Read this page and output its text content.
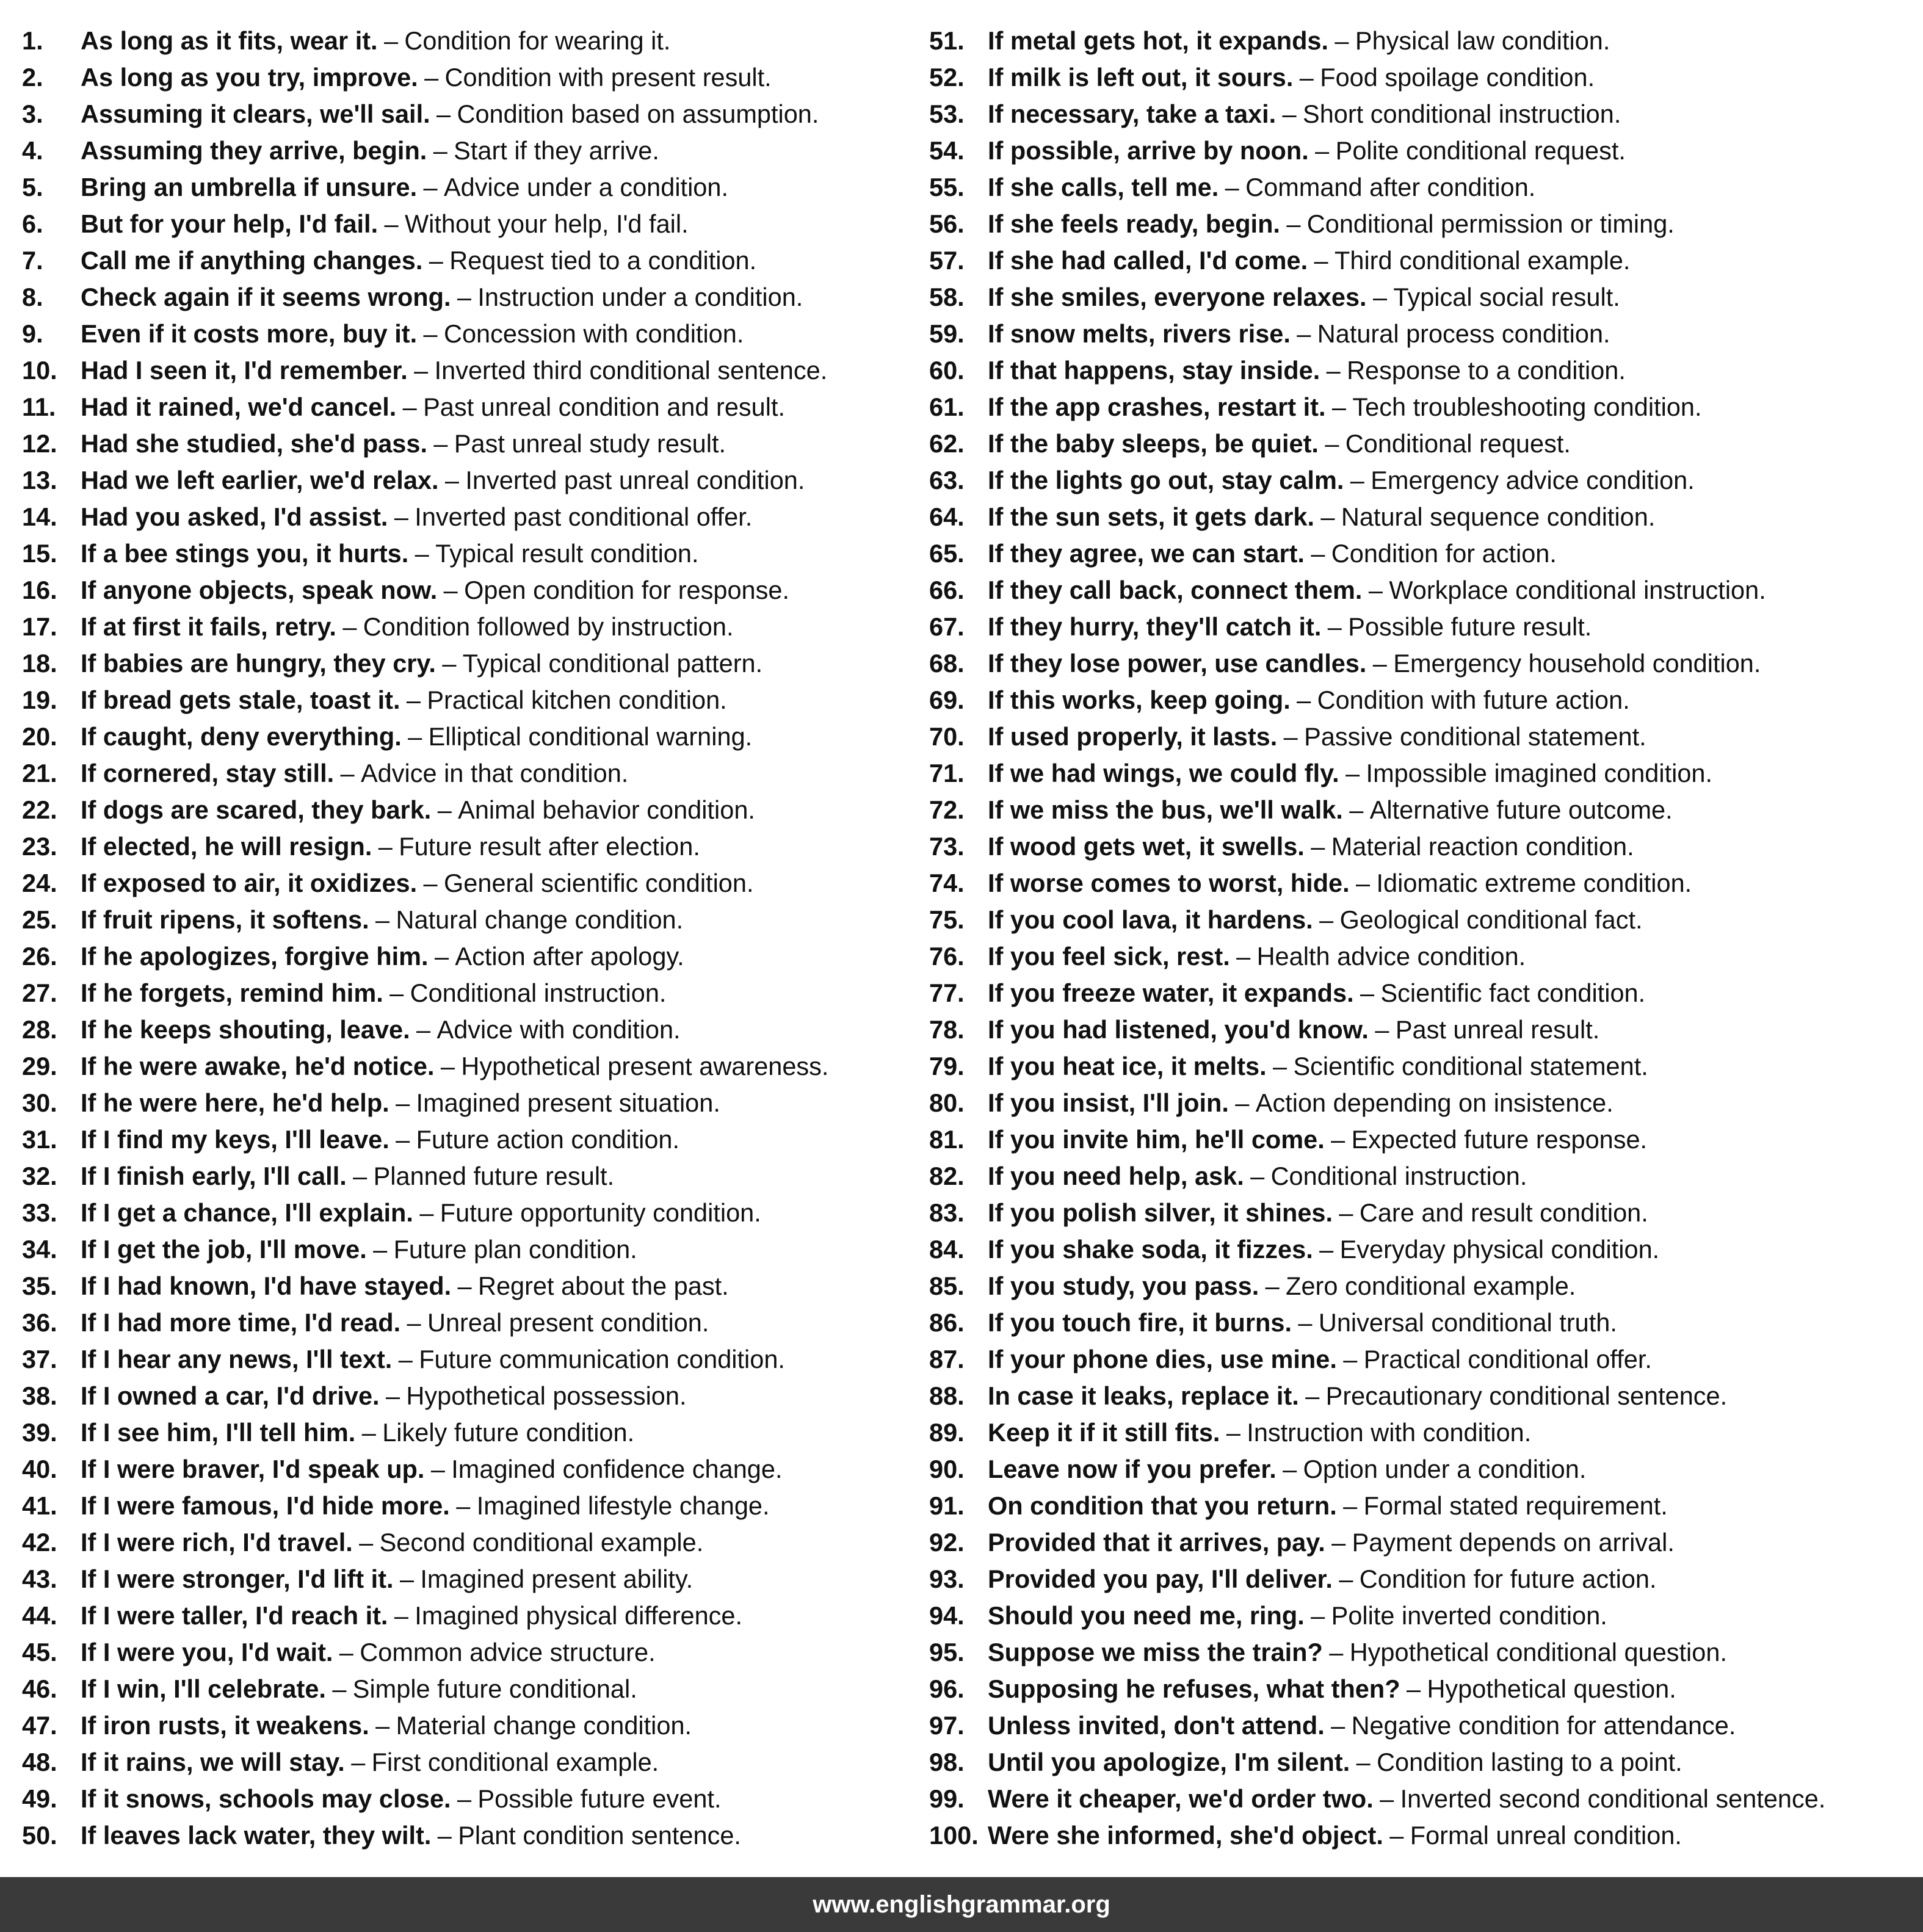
1.	As long as it fits, wear it. – Condition for wearing it.
2.	As long as you try, improve. – Condition with present result.
3.	Assuming it clears, we'll sail. – Condition based on assumption.
4.	Assuming they arrive, begin. – Start if they arrive.
5.	Bring an umbrella if unsure. – Advice under a condition.
6.	But for your help, I'd fail. – Without your help, I'd fail.
7.	Call me if anything changes. – Request tied to a condition.
8.	Check again if it seems wrong. – Instruction under a condition.
9.	Even if it costs more, buy it. – Concession with condition.
10. Had I seen it, I'd remember. – Inverted third conditional sentence.
11. Had it rained, we'd cancel. – Past unreal condition and result.
12. Had she studied, she'd pass. – Past unreal study result.
13. Had we left earlier, we'd relax. – Inverted past unreal condition.
14. Had you asked, I'd assist. – Inverted past conditional offer.
15. If a bee stings you, it hurts. – Typical result condition.
16. If anyone objects, speak now. – Open condition for response.
17. If at first it fails, retry. – Condition followed by instruction.
18. If babies are hungry, they cry. – Typical conditional pattern.
19. If bread gets stale, toast it. – Practical kitchen condition.
20. If caught, deny everything. – Elliptical conditional warning.
21. If cornered, stay still. – Advice in that condition.
22. If dogs are scared, they bark. – Animal behavior condition.
23. If elected, he will resign. – Future result after election.
24. If exposed to air, it oxidizes. – General scientific condition.
25. If fruit ripens, it softens. – Natural change condition.
26. If he apologizes, forgive him. – Action after apology.
27. If he forgets, remind him. – Conditional instruction.
28. If he keeps shouting, leave. – Advice with condition.
29. If he were awake, he'd notice. – Hypothetical present awareness.
30. If he were here, he'd help. – Imagined present situation.
31. If I find my keys, I'll leave. – Future action condition.
32. If I finish early, I'll call. – Planned future result.
33. If I get a chance, I'll explain. – Future opportunity condition.
34. If I get the job, I'll move. – Future plan condition.
35. If I had known, I'd have stayed. – Regret about the past.
36. If I had more time, I'd read. – Unreal present condition.
37. If I hear any news, I'll text. – Future communication condition.
38. If I owned a car, I'd drive. – Hypothetical possession.
39. If I see him, I'll tell him. – Likely future condition.
40. If I were braver, I'd speak up. – Imagined confidence change.
41. If I were famous, I'd hide more. – Imagined lifestyle change.
42. If I were rich, I'd travel. – Second conditional example.
43. If I were stronger, I'd lift it. – Imagined present ability.
44. If I were taller, I'd reach it. – Imagined physical difference.
45. If I were you, I'd wait. – Common advice structure.
46. If I win, I'll celebrate. – Simple future conditional.
47. If iron rusts, it weakens. – Material change condition.
48. If it rains, we will stay. – First conditional example.
49. If it snows, schools may close. – Possible future event.
50. If leaves lack water, they wilt. – Plant condition sentence.
51. If metal gets hot, it expands. – Physical law condition.
52. If milk is left out, it sours. – Food spoilage condition.
53. If necessary, take a taxi. – Short conditional instruction.
54. If possible, arrive by noon. – Polite conditional request.
55. If she calls, tell me. – Command after condition.
56. If she feels ready, begin. – Conditional permission or timing.
57. If she had called, I'd come. – Third conditional example.
58. If she smiles, everyone relaxes. – Typical social result.
59. If snow melts, rivers rise. – Natural process condition.
60. If that happens, stay inside. – Response to a condition.
61. If the app crashes, restart it. – Tech troubleshooting condition.
62. If the baby sleeps, be quiet. – Conditional request.
63. If the lights go out, stay calm. – Emergency advice condition.
64. If the sun sets, it gets dark. – Natural sequence condition.
65. If they agree, we can start. – Condition for action.
66. If they call back, connect them. – Workplace conditional instruction.
67. If they hurry, they'll catch it. – Possible future result.
68. If they lose power, use candles. – Emergency household condition.
69. If this works, keep going. – Condition with future action.
70. If used properly, it lasts. – Passive conditional statement.
71. If we had wings, we could fly. – Impossible imagined condition.
72. If we miss the bus, we'll walk. – Alternative future outcome.
73. If wood gets wet, it swells. – Material reaction condition.
74. If worse comes to worst, hide. – Idiomatic extreme condition.
75. If you cool lava, it hardens. – Geological conditional fact.
76. If you feel sick, rest. – Health advice condition.
77. If you freeze water, it expands. – Scientific fact condition.
78. If you had listened, you'd know. – Past unreal result.
79. If you heat ice, it melts. – Scientific conditional statement.
80. If you insist, I'll join. – Action depending on insistence.
81. If you invite him, he'll come. – Expected future response.
82. If you need help, ask. – Conditional instruction.
83. If you polish silver, it shines. – Care and result condition.
84. If you shake soda, it fizzes. – Everyday physical condition.
85. If you study, you pass. – Zero conditional example.
86. If you touch fire, it burns. – Universal conditional truth.
87. If your phone dies, use mine. – Practical conditional offer.
88. In case it leaks, replace it. – Precautionary conditional sentence.
89. Keep it if it still fits. – Instruction with condition.
90. Leave now if you prefer. – Option under a condition.
91. On condition that you return. – Formal stated requirement.
92. Provided that it arrives, pay. – Payment depends on arrival.
93. Provided you pay, I'll deliver. – Condition for future action.
94. Should you need me, ring. – Polite inverted condition.
95. Suppose we miss the train? – Hypothetical conditional question.
96. Supposing he refuses, what then? – Hypothetical question.
97. Unless invited, don't attend. – Negative condition for attendance.
98. Until you apologize, I'm silent. – Condition lasting to a point.
99. Were it cheaper, we'd order two. – Inverted second conditional sentence.
100. Were she informed, she'd object. – Formal unreal condition.
www.englishgrammar.org
